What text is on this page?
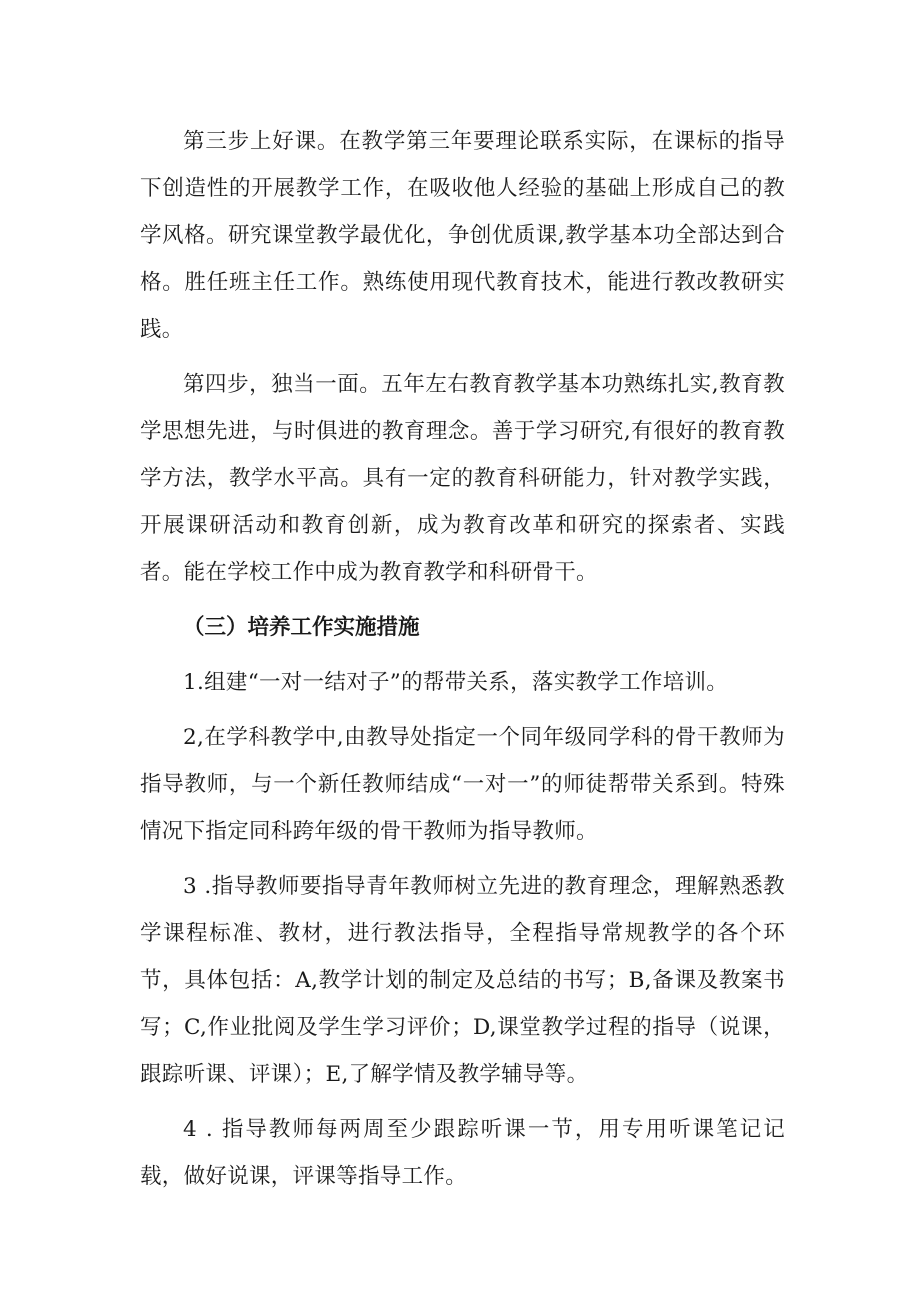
第三步上好课。在教学第三年要理论联系实际，在课标的指导下创造性的开展教学工作，在吸收他人经验的基础上形成自己的教学风格。研究课堂教学最优化，争创优质课,教学基本功全部达到合格。胜任班主任工作。熟练使用现代教育技术，能进行教改教研实践。

第四步，独当一面。五年左右教育教学基本功熟练扎实,教育教学思想先进，与时俱进的教育理念。善于学习研究,有很好的教育教学方法，教学水平高。具有一定的教育科研能力，针对教学实践，开展课研活动和教育创新，成为教育改革和研究的探索者、实践者。能在学校工作中成为教育教学和科研骨干。

（三）培养工作实施措施

1.组建“一对一结对子”的帮带关系，落实教学工作培训。

2,在学科教学中,由教导处指定一个同年级同学科的骨干教师为指导教师，与一个新任教师结成“一对一”的师徒帮带关系到。特殊情况下指定同科跨年级的骨干教师为指导教师。

3 .指导教师要指导青年教师树立先进的教育理念，理解熟悉教学课程标准、教材，进行教法指导，全程指导常规教学的各个环节，具体包括：A,教学计划的制定及总结的书写；B,备课及教案书写；C,作业批阅及学生学习评价；D,课堂教学过程的指导（说课，跟踪听课、评课）；E,了解学情及教学辅导等。

4 . 指导教师每两周至少跟踪听课一节，用专用听课笔记记载，做好说课，评课等指导工作。
